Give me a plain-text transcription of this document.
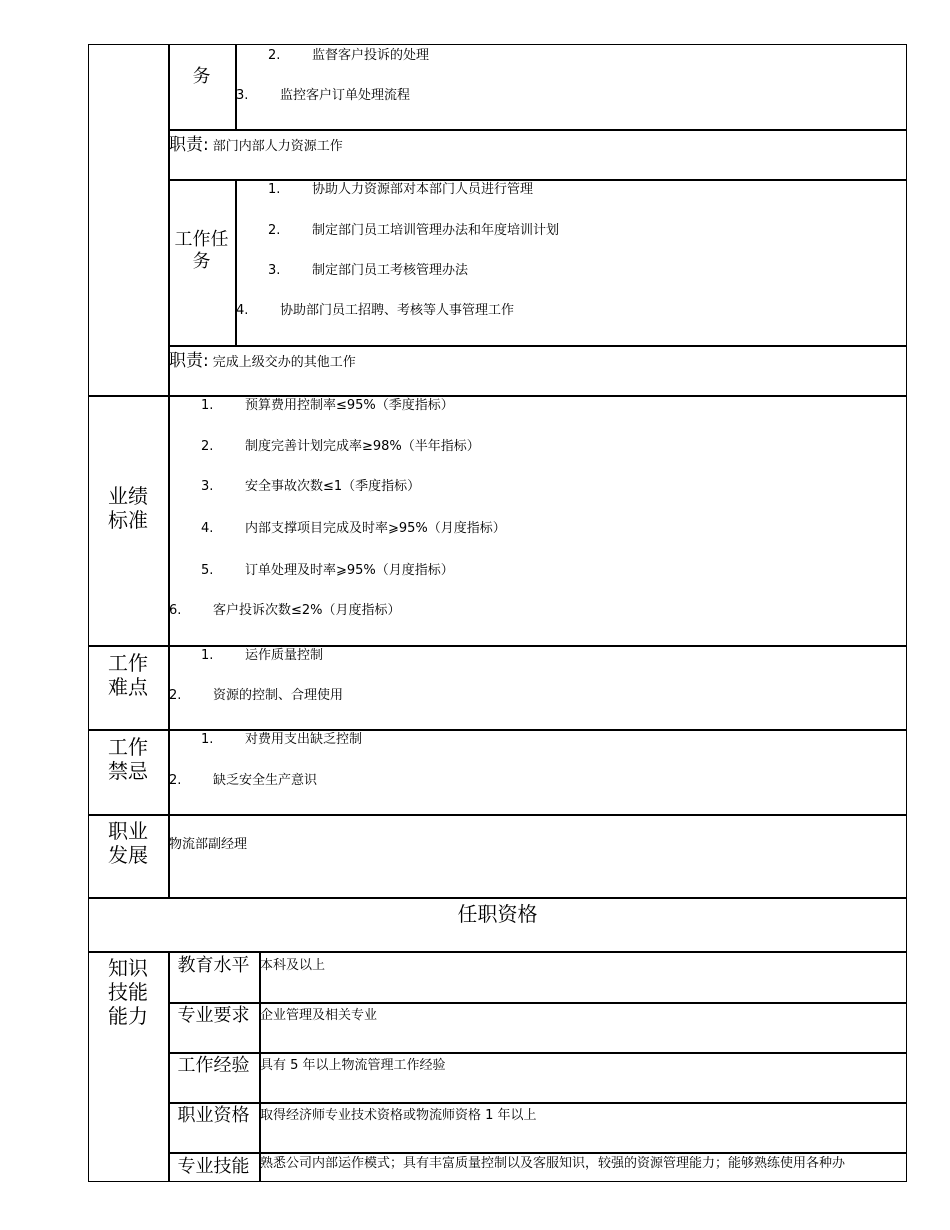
务
2. 监督客户投诉的处理
3. 监控客户订单处理流程
职责: 部门内部人力资源工作
工作任务
1. 协助人力资源部对本部门人员进行管理
2. 制定部门员工培训管理办法和年度培训计划
3. 制定部门员工考核管理办法
4. 协助部门员工招聘、考核等人事管理工作
职责: 完成上级交办的其他工作
业绩标准
1. 预算费用控制率≤95%（季度指标）
2. 制度完善计划完成率≥98%（半年指标）
3. 安全事故次数≤1（季度指标）
4. 内部支撑项目完成及时率⩾95%（月度指标）
5. 订单处理及时率⩾95%（月度指标）
6. 客户投诉次数≤2%（月度指标）
工作难点
1. 运作质量控制
2. 资源的控制、合理使用
工作禁忌
1. 对费用支出缺乏控制
2. 缺乏安全生产意识
职业发展	物流部副经理
任职资格
知识技能能力
教育水平 本科及以上
专业要求 企业管理及相关专业
工作经验 具有 5 年以上物流管理工作经验
职业资格 取得经济师专业技术资格或物流师资格 1 年以上
专业技能 熟悉公司内部运作模式；具有丰富质量控制以及客服知识，较强的资源管理能力；能够熟练使用各种办
